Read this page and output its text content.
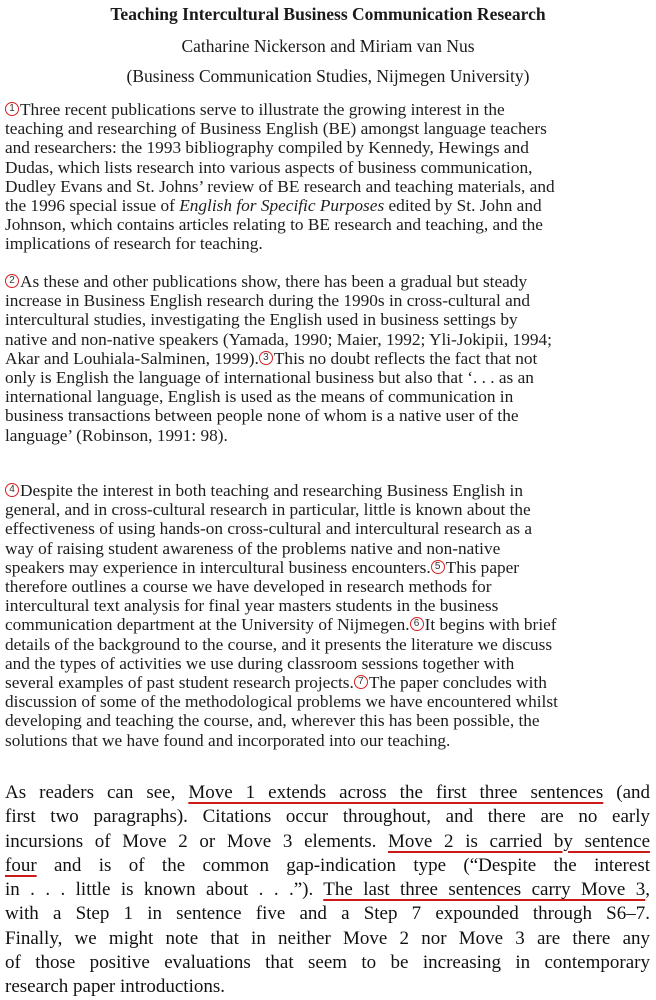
Teaching Intercultural Business Communication Research
Catharine Nickerson and Miriam van Nus
(Business Communication Studies, Nijmegen University)
1 Three recent publications serve to illustrate the growing interest in the
teaching and researching of Business English (BE) amongst language teachers
and researchers: the 1993 bibliography compiled by Kennedy, Hewings and
Dudas, which lists research into various aspects of business communication,
Dudley Evans and St. Johns’ review of BE research and teaching materials, and
the 1996 special issue of English for Specific Purposes edited by St. John and
Johnson, which contains articles relating to BE research and teaching, and the
implications of research for teaching.
2 As these and other publications show, there has been a gradual but steady
increase in Business English research during the 1990s in cross-cultural and
intercultural studies, investigating the English used in business settings by
native and non-native speakers (Yamada, 1990; Maier, 1992; Yli-Jokipii, 1994;
Akar and Louhiala-Salminen, 1999). 3 This no doubt reflects the fact that not
only is English the language of international business but also that ‘. . . as an
international language, English is used as the means of communication in
business transactions between people none of whom is a native user of the
language’ (Robinson, 1991: 98).
4 Despite the interest in both teaching and researching Business English in
general, and in cross-cultural research in particular, little is known about the
effectiveness of using hands-on cross-cultural and intercultural research as a
way of raising student awareness of the problems native and non-native
speakers may experience in intercultural business encounters. 5 This paper
therefore outlines a course we have developed in research methods for
intercultural text analysis for final year masters students in the business
communication department at the University of Nijmegen. 6 It begins with brief
details of the background to the course, and it presents the literature we discuss
and the types of activities we use during classroom sessions together with
several examples of past student research projects. 7 The paper concludes with
discussion of some of the methodological problems we have encountered whilst
developing and teaching the course, and, wherever this has been possible, the
solutions that we have found and incorporated into our teaching.
As readers can see, Move 1 extends across the first three sentences (and
first two paragraphs). Citations occur throughout, and there are no early
incursions of Move 2 or Move 3 elements. Move 2 is carried by sentence
four and is of the common gap-indication type (“Despite the interest
in . . . little is known about . . .”). The last three sentences carry Move 3,
with a Step 1 in sentence five and a Step 7 expounded through S6–7.
Finally, we might note that in neither Move 2 nor Move 3 are there any
of those positive evaluations that seem to be increasing in contemporary
research paper introductions.
